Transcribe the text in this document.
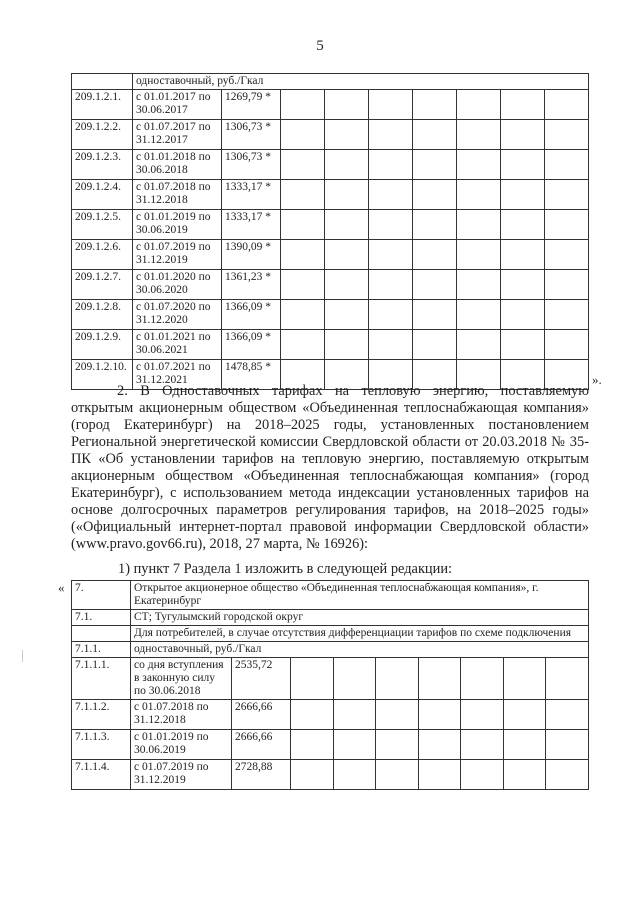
5
	одноставочный, руб./Гкал								
209.1.2.1.	с 01.01.2017 по 30.06.2017	1269,79 *							
209.1.2.2.	с 01.07.2017 по 31.12.2017	1306,73 *							
209.1.2.3.	с 01.01.2018 по 30.06.2018	1306,73 *							
209.1.2.4.	с 01.07.2018 по 31.12.2018	1333,17 *							
209.1.2.5.	с 01.01.2019 по 30.06.2019	1333,17 *							
209.1.2.6.	с 01.07.2019 по 31.12.2019	1390,09 *							
209.1.2.7.	с 01.01.2020 по 30.06.2020	1361,23 *							
209.1.2.8.	с 01.07.2020 по 31.12.2020	1366,09 *							
209.1.2.9.	с 01.01.2021 по 30.06.2021	1366,09 *							
209.1.2.10.	с 01.07.2021 по 31.12.2021	1478,85 *							
».
2. В Одноставочных тарифах на тепловую энергию, поставляемую открытым акционерным обществом «Объединенная теплоснабжающая компания» (город Екатеринбург) на 2018–2025 годы, установленных постановлением Региональной энергетической комиссии Свердловской области от 20.03.2018 № 35-ПК «Об установлении тарифов на тепловую энергию, поставляемую открытым акционерным обществом «Объединенная теплоснабжающая компания» (город Екатеринбург), с использованием метода индексации установленных тарифов на основе долгосрочных параметров регулирования тарифов, на 2018–2025 годы» («Официальный интернет-портал правовой информации Свердловской области» (www.pravo.gov66.ru), 2018, 27 марта, № 16926):
1) пункт 7 Раздела 1 изложить в следующей редакции:
« 7.	Открытое акционерное общество «Объединенная теплоснабжающая компания», г. Екатеринбург								
7.1.	СТ; Тугулымский городской округ								
	Для потребителей, в случае отсутствия дифференциации тарифов по схеме подключения								
7.1.1.	одноставочный, руб./Гкал								
7.1.1.1.	со дня вступления в законную силу по 30.06.2018	2535,72							
7.1.1.2.	с 01.07.2018 по 31.12.2018	2666,66							
7.1.1.3.	с 01.01.2019 по 30.06.2019	2666,66							
7.1.1.4.	с 01.07.2019 по 31.12.2019	2728,88							
